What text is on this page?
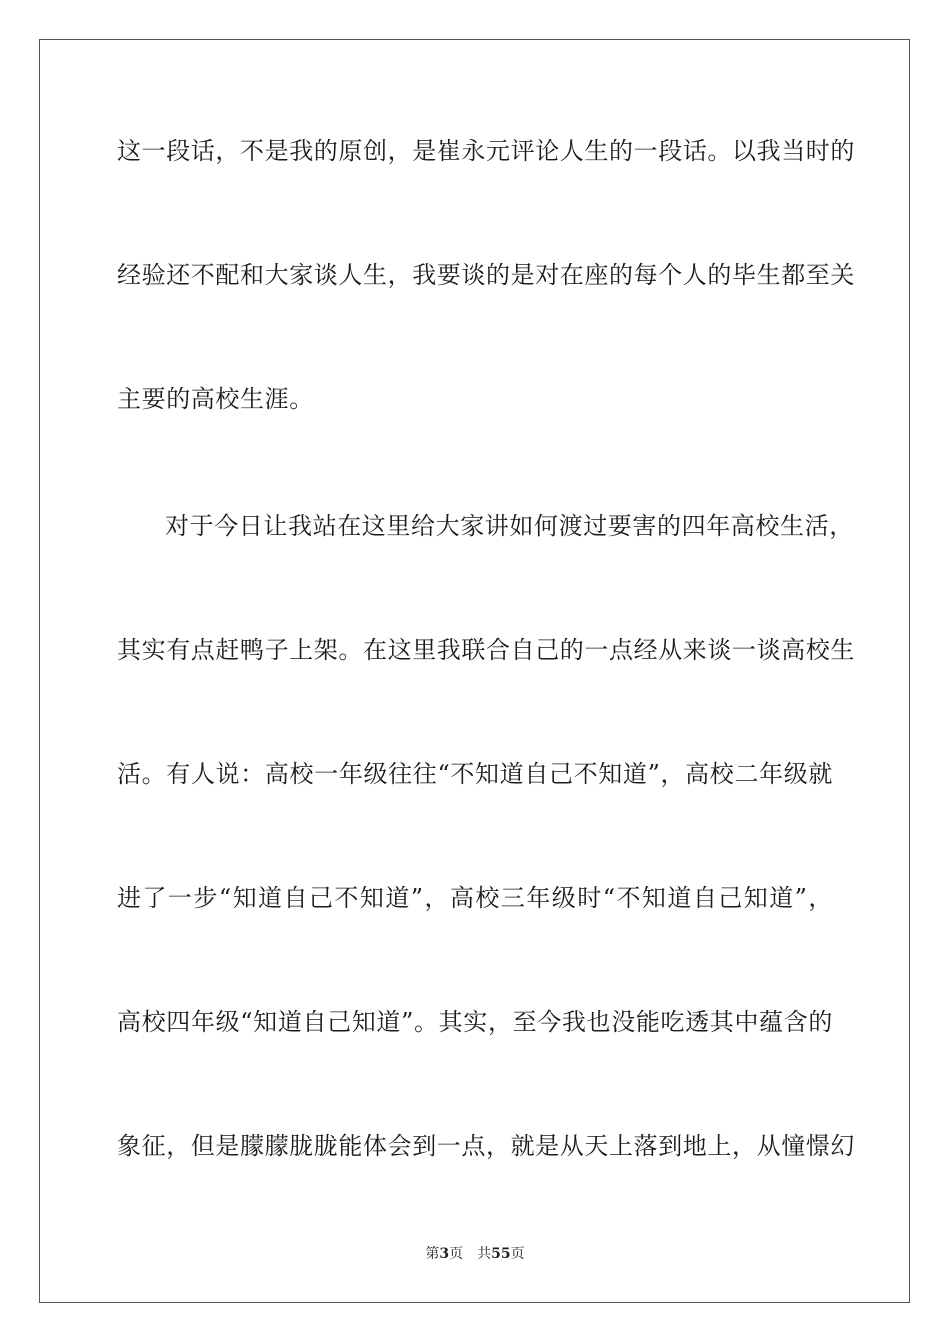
这一段话，不是我的原创，是崔永元评论人生的一段话。以我当时的
经验还不配和大家谈人生，我要谈的是对在座的每个人的毕生都至关
主要的高校生涯。
对于今日让我站在这里给大家讲如何渡过要害的四年高校生活，
其实有点赶鸭子上架。在这里我联合自己的一点经从来谈一谈高校生
活。有人说：高校一年级往往“不知道自己不知道”，高校二年级就
进了一步“知道自己不知道”，高校三年级时“不知道自己知道”，
高校四年级“知道自己知道”。其实，至今我也没能吃透其中蕴含的
象征，但是朦朦胧胧能体会到一点，就是从天上落到地上，从憧憬幻
第3页 共55页
